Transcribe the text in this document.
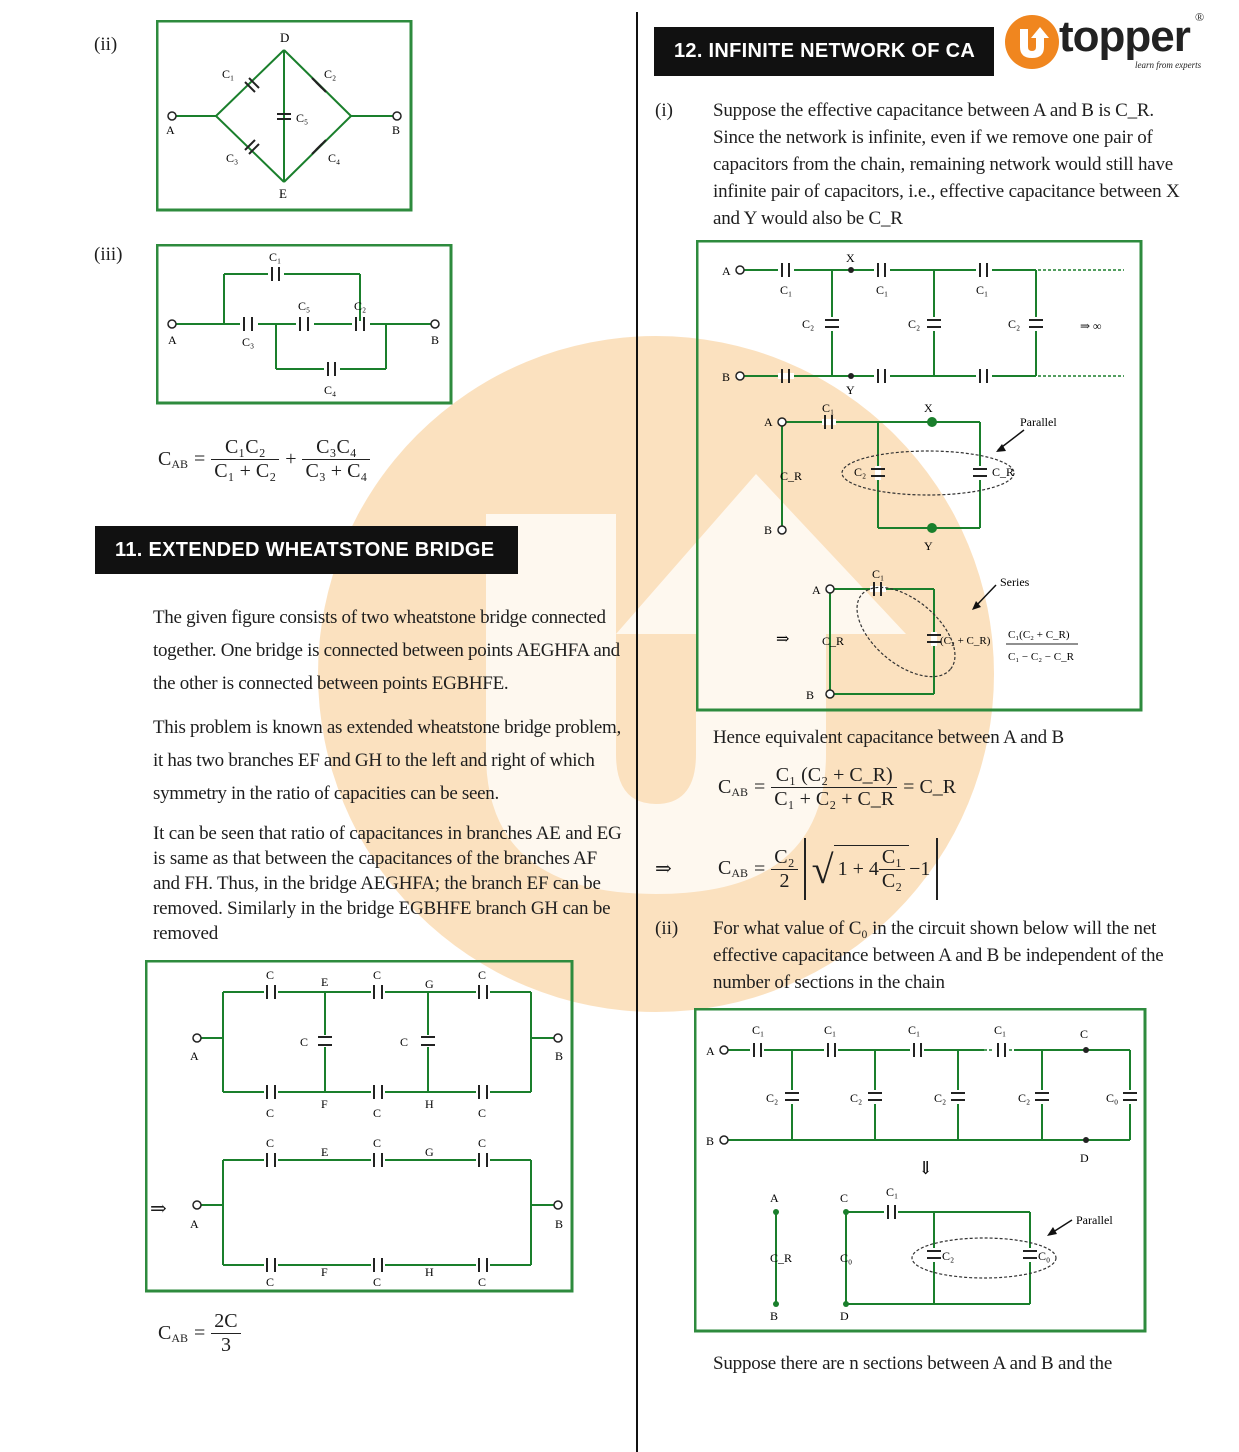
topper ®
learn from experts
(ii)	D
E
A	B
C₁	C₂
C₃	C₄
C₅
(iii)
A	B
C₁
C₂
C₃
C₄
C₅
$C_{AB} = \frac{\text{C₁C₂}}{\text{C₁ + C₂}} + \frac{\text{C₃C₄}}{\text{C₃ + C₄}}$
11. EXTENDED WHEATSTONE BRIDGE

The given figure consists of two wheatstone bridge connected together. One bridge is connected between points AEGHFA and the other is connected between points EGBHFE.

This problem is known as extended wheatstone bridge problem, it has two branches EF and GH to the left and right of which symmetry in the ratio of capacities can be seen.

It can be seen that ratio of capacitances in branches AE and EG is same as that between the capacitances of the branches AF and FH. Thus, in the bridge AEGHFA; the branch EF can be removed. Similarly in the bridge EGBHFE branch GH can be removed

A	B
A	B
C	C	C
C	C	C
C	C
E	G
F	H
C	C	C
E	G
C	C	C
F	H
⇒
$C_{AB} = \frac{2C}{3}$
12. INFINITE NETWORK OF CA
(i) Suppose the effective capacitance between A and B is C_R. Since the network is infinite, even if we remove one pair of capacitors from the chain, remaining network would still have infinite pair of capacitors, i.e., effective capacitance between X and Y would also be C_R

A
B
X
Y
C₁	C₁	C₁
C₂	C₂	C₂	⇒ ∞
A
B
C₁	X
Y
C₂
C_R	C_R
Parallel
⇒
A
B
C_R
C₁
(C₂ + C_R)
Series
C₁(C₂ + C_R)
C₁ − C₂ − C_R

Hence equivalent capacitance between A and B

$C_{AB} = \frac{\text{C₁ (C₂ + C\_R)}}{\text{C₁ + C₂ + C\_R}}$ = C_R
⇒ $C_{AB} = \frac{\text{C₂}}{2}$ √ $1 + 4 \frac{\text{C₁}}{\text{C₂}} -1$
(ii) For what value of C₀ in the circuit shown below will the net effective capacitance between A and B be independent of the number of sections in the chain

A
B
C₁	C₁	C₁	C₁	C
D
C₂	C₂	C₂	C₂	C₀
⇓
A	C
B	D
C_R	C₀
C₁
C₂	C₀
Parallel

Suppose there are n sections between A and B and the
